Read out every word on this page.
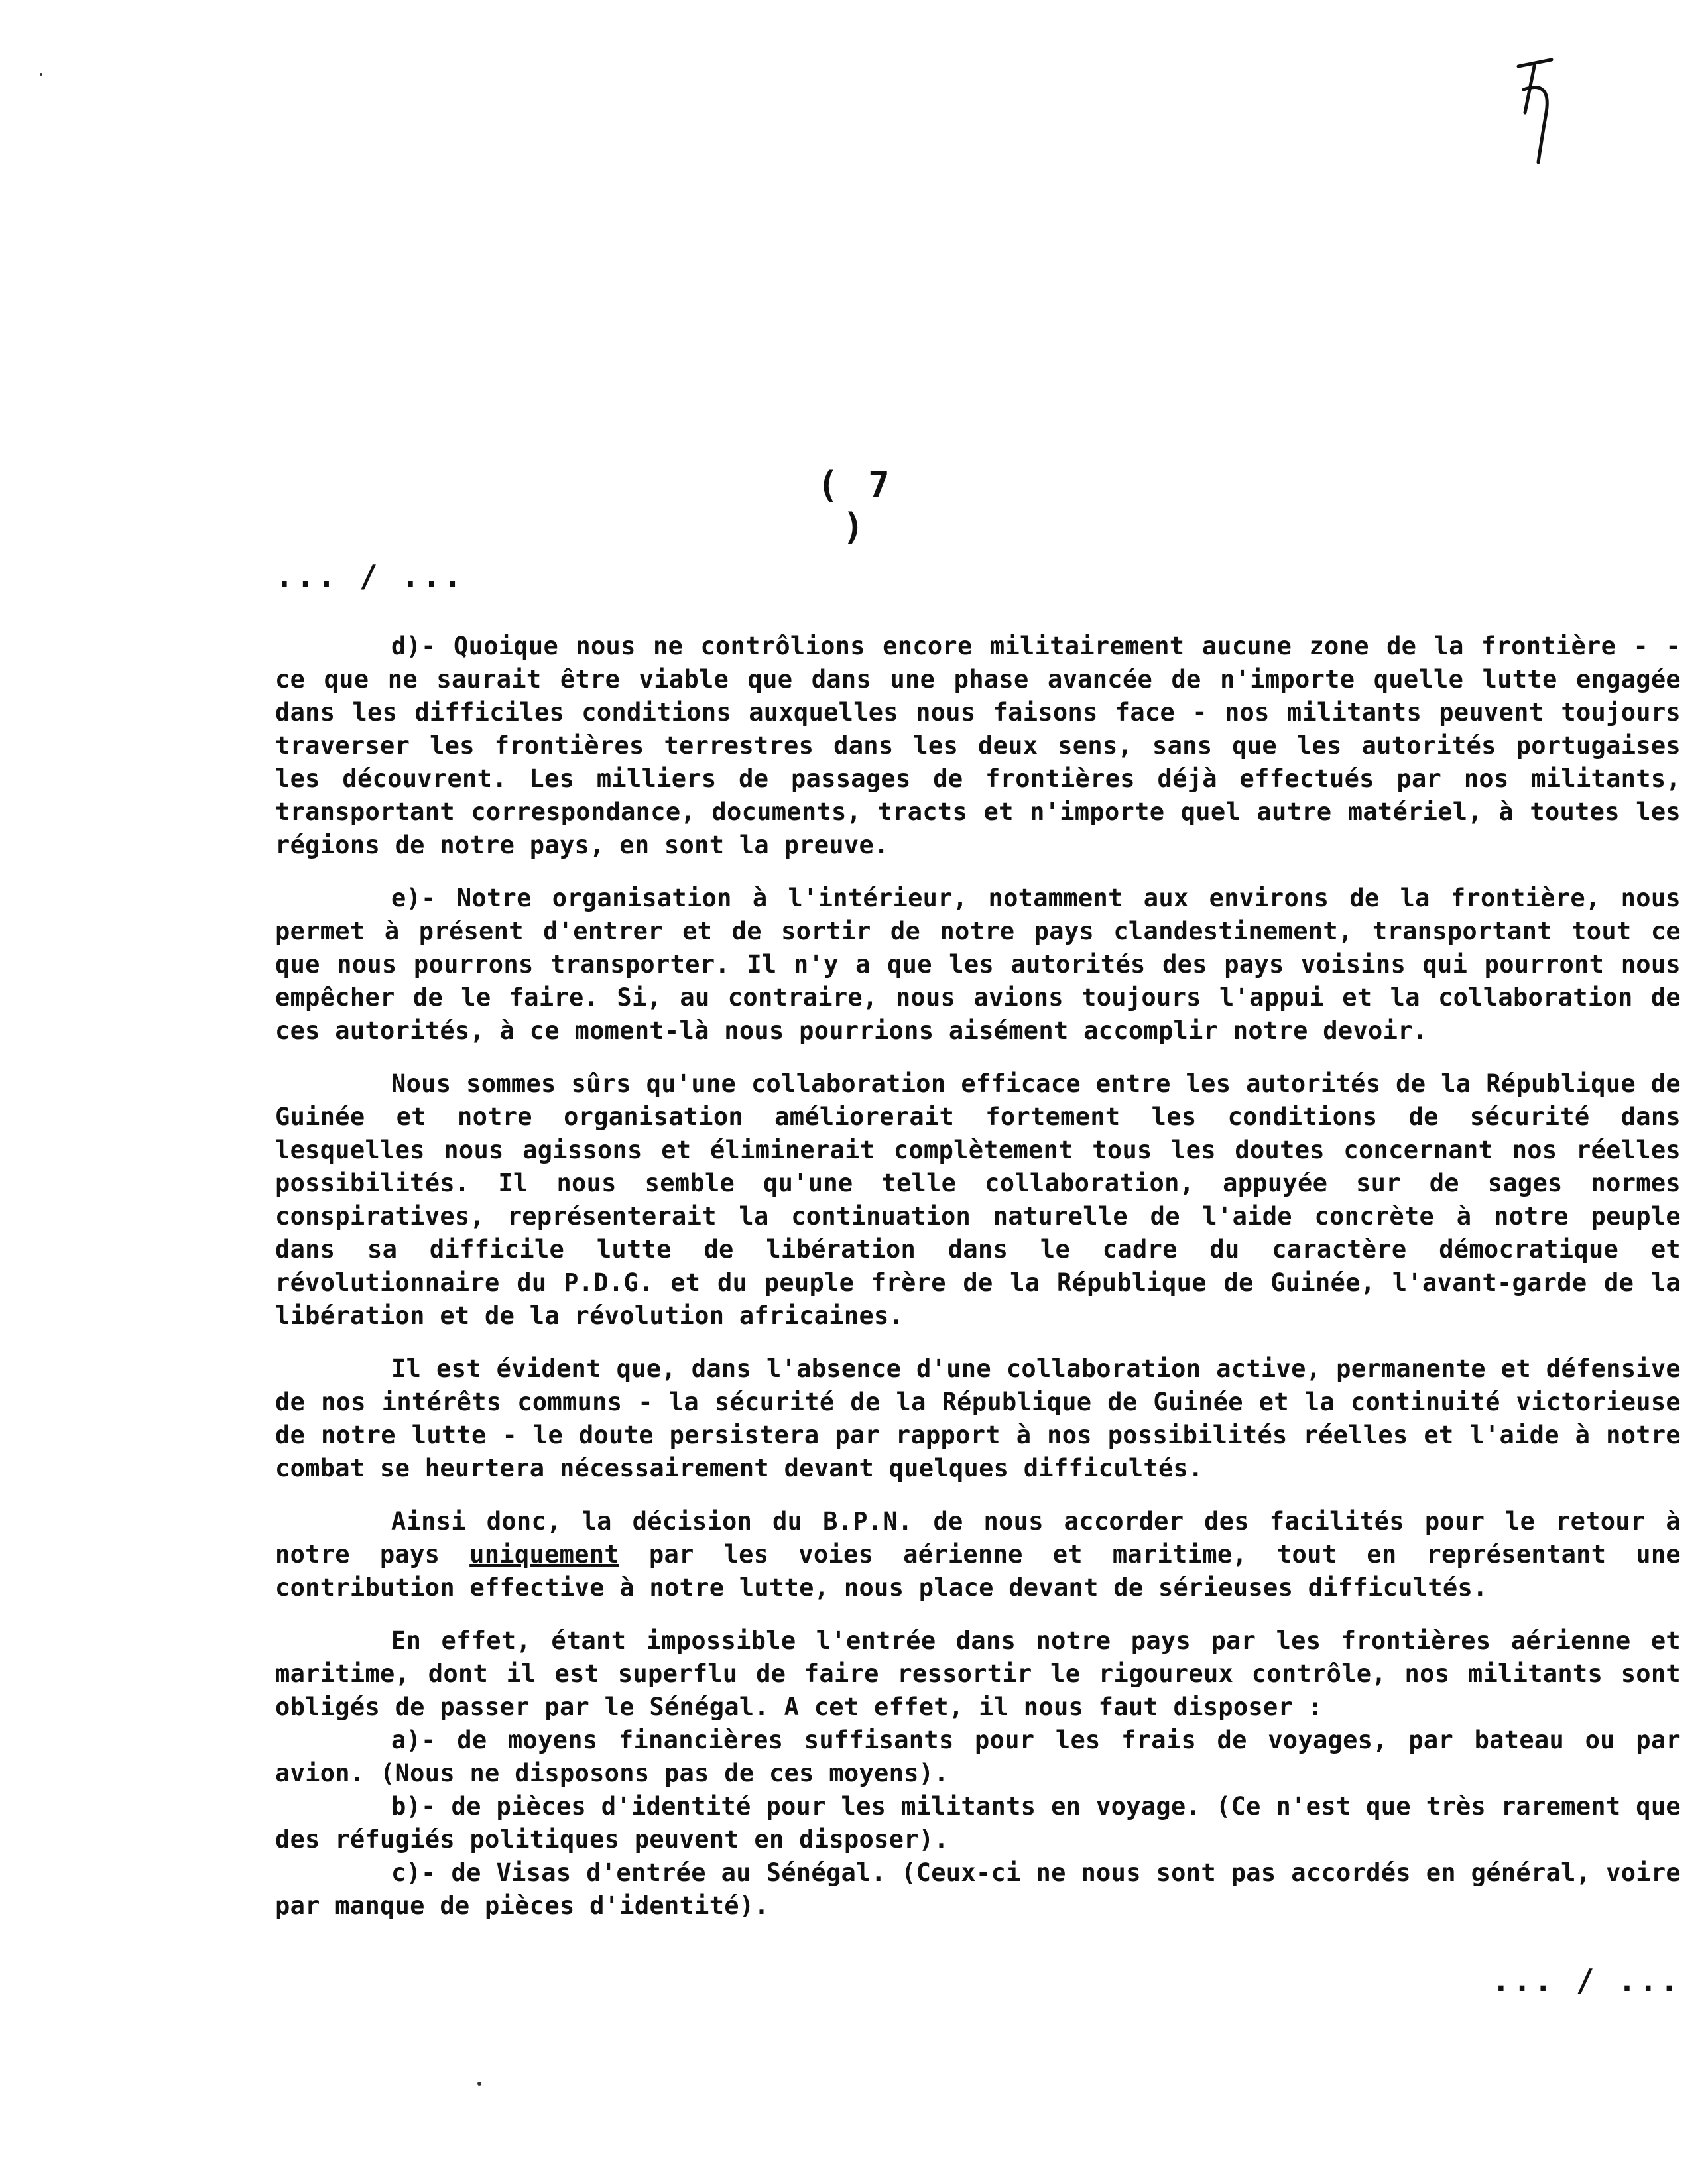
( 7 )
... / ...

d)- Quoique nous ne contrôlions encore militairement aucune zone de la frontière - - ce que ne saurait être viable que dans une phase avancée de n'importe quelle lutte engagée dans les difficiles conditions auxquelles nous faisons face - nos militants peuvent toujours traverser les frontières terrestres dans les deux sens, sans que les autorités portugaises les découvrent. Les milliers de passages de frontières déjà effectués par nos militants, transportant correspondance, documents, tracts et n'importe quel autre matériel, à toutes les régions de notre pays, en sont la preuve.

e)- Notre organisation à l'intérieur, notamment aux environs de la frontière, nous permet à présent d'entrer et de sortir de notre pays clandestinement, transportant tout ce que nous pourrons transporter. Il n'y a que les autorités des pays voisins qui pourront nous empêcher de le faire. Si, au contraire, nous avions toujours l'appui et la collaboration de ces autorités, à ce moment-là nous pourrions aisément accomplir notre devoir.

Nous sommes sûrs qu'une collaboration efficace entre les autorités de la République de Guinée et notre organisation améliorerait fortement les conditions de sécurité dans lesquelles nous agissons et éliminerait complètement tous les doutes concernant nos réelles possibilités. Il nous semble qu'une telle collaboration, appuyée sur de sages normes conspiratives, représenterait la continuation naturelle de l'aide concrète à notre peuple dans sa difficile lutte de libération dans le cadre du caractère démocratique et révolutionnaire du P.D.G. et du peuple frère de la République de Guinée, l'avant-garde de la libération et de la révolution africaines.

Il est évident que, dans l'absence d'une collaboration active, permanente et défensive de nos intérêts communs - la sécurité de la République de Guinée et la continuité victorieuse de notre lutte - le doute persistera par rapport à nos possibilités réelles et l'aide à notre combat se heurtera nécessairement devant quelques difficultés.

Ainsi donc, la décision du B.P.N. de nous accorder des facilités pour le retour à notre pays uniquement par les voies aérienne et maritime, tout en représentant une contribution effective à notre lutte, nous place devant de sérieuses difficultés.

En effet, étant impossible l'entrée dans notre pays par les frontières aérienne et maritime, dont il est superflu de faire ressortir le rigoureux contrôle, nos militants sont obligés de passer par le Sénégal. A cet effet, il nous faut disposer :

a)- de moyens financières suffisants pour les frais de voyages, par bateau ou par avion. (Nous ne disposons pas de ces moyens).

b)- de pièces d'identité pour les militants en voyage. (Ce n'est que très rarement que des réfugiés politiques peuvent en disposer).

c)- de Visas d'entrée au Sénégal. (Ceux-ci ne nous sont pas accordés en général, voire par manque de pièces d'identité).

... / ...
